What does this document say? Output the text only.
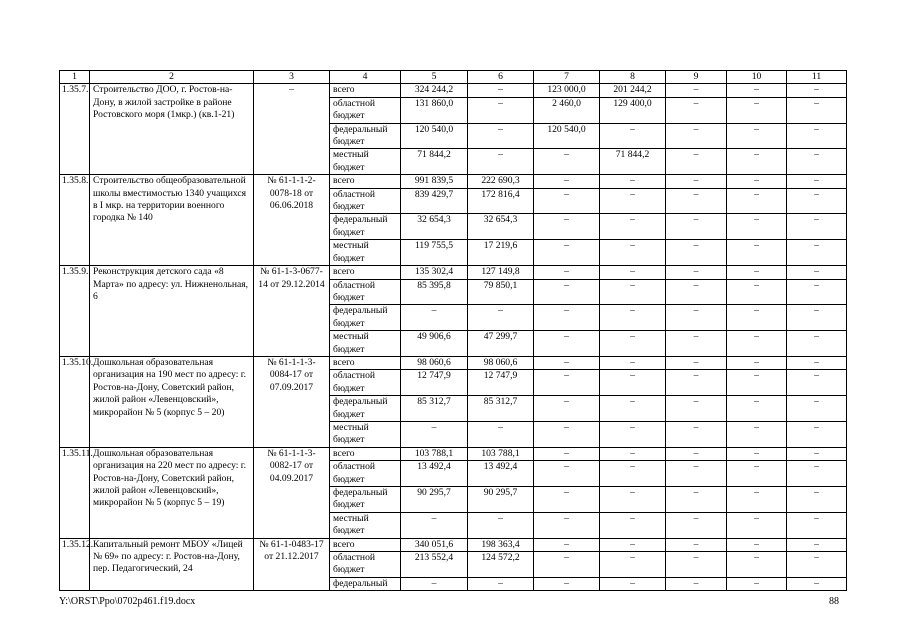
1	2	3	4	5	6	7	8	9	10	11
1.35.7.	Строительство ДОО, г. Ростов-на-Дону, в жилой застройке в районе Ростовского моря (1мкр.) (кв.1-21)	–	всего	324 244,2	–	123 000,0	201 244,2	–	–	–
			областной бюджет	131 860,0	–	2 460,0	129 400,0	–	–	–
			федеральный бюджет	120 540,0	–	120 540,0	–	–	–	–
			местный бюджет	71 844,2	–	–	71 844,2	–	–	–
1.35.8.	Строительство общеобразовательной школы вместимостью 1340 учащихся в I мкр. на территории военного городка № 140	№ 61-1-1-2-0078-18 от 06.06.2018	всего	991 839,5	222 690,3	–	–	–	–	–
			областной бюджет	839 429,7	172 816,4	–	–	–	–	–
			федеральный бюджет	32 654,3	32 654,3	–	–	–	–	–
			местный бюджет	119 755,5	17 219,6	–	–	–	–	–
1.35.9.	Реконструкция детского сада «8 Марта» по адресу: ул. Нижненольная, 6	№ 61-1-3-0677-14 от 29.12.2014	всего	135 302,4	127 149,8	–	–	–	–	–
			областной бюджет	85 395,8	79 850,1	–	–	–	–	–
			федеральный бюджет	–	–	–	–	–	–	–
			местный бюджет	49 906,6	47 299,7	–	–	–	–	–
1.35.10.	Дошкольная образовательная организация на 190 мест по адресу: г. Ростов-на-Дону, Советский район, жилой район «Левенцовский», микрорайон № 5 (корпус 5 – 20)	№ 61-1-1-3-0084-17 от 07.09.2017	всего	98 060,6	98 060,6	–	–	–	–	–
			областной бюджет	12 747,9	12 747,9	–	–	–	–	–
			федеральный бюджет	85 312,7	85 312,7	–	–	–	–	–
			местный бюджет	–	–	–	–	–	–	–
1.35.11.	Дошкольная образовательная организация на 220 мест по адресу: г. Ростов-на-Дону, Советский район, жилой район «Левенцовский», микрорайон № 5 (корпус 5 – 19)	№ 61-1-1-3-0082-17 от 04.09.2017	всего	103 788,1	103 788,1	–	–	–	–	–
			областной бюджет	13 492,4	13 492,4	–	–	–	–	–
			федеральный бюджет	90 295,7	90 295,7	–	–	–	–	–
			местный бюджет	–	–	–	–	–	–	–
1.35.12.	Капитальный ремонт МБОУ «Лицей № 69» по адресу: г. Ростов-на-Дону, пер. Педагогический, 24	№ 61-1-0483-17 от 21.12.2017	всего	340 051,6	198 363,4	–	–	–	–	–
			областной бюджет	213 552,4	124 572,2	–	–	–	–	–
			федеральный	–	–	–	–	–	–	–
Y:\ORST\Ppo\0702p461.f19.docx	88
